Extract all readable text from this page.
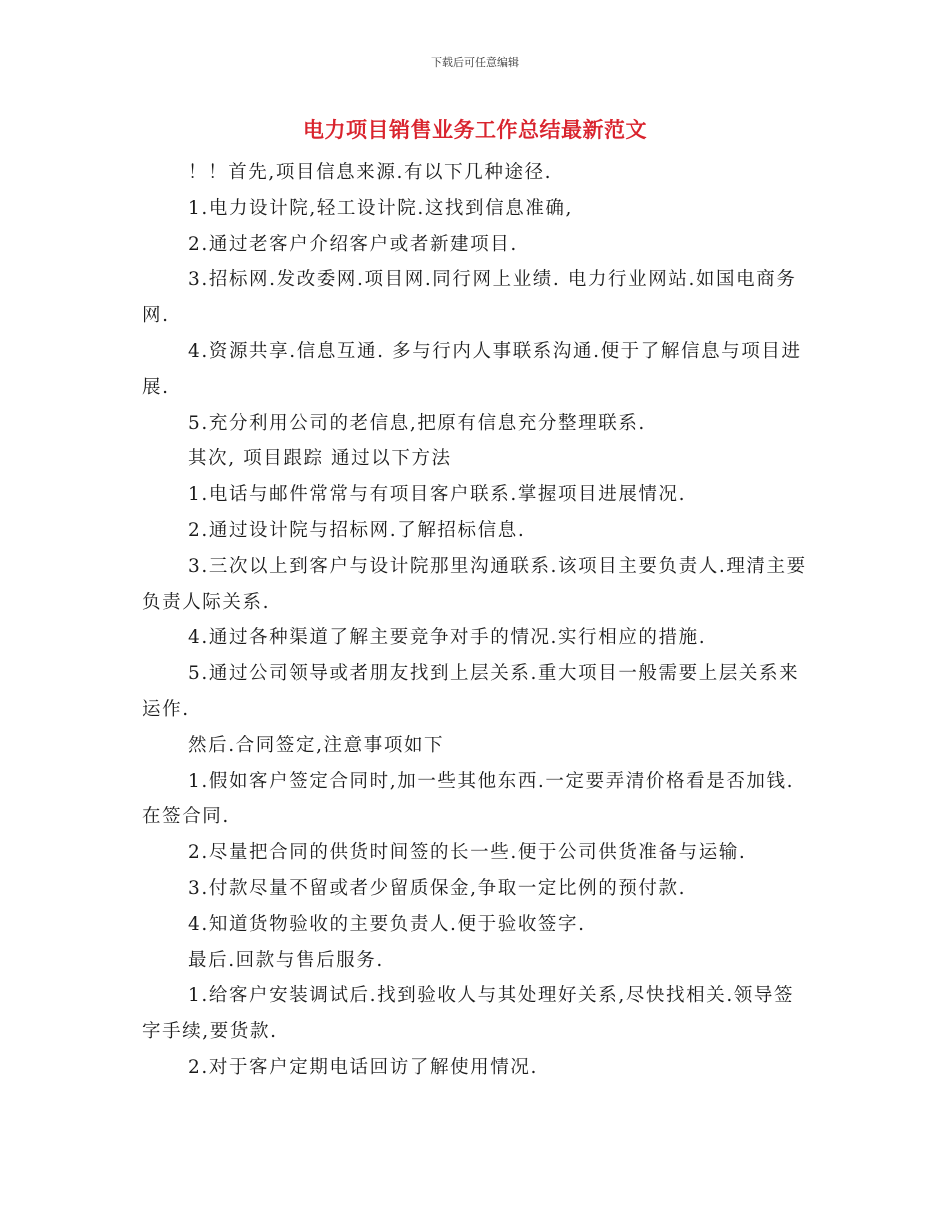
下载后可任意编辑
电力项目销售业务工作总结最新范文

！！首先,项目信息来源.有以下几种途径.

1.电力设计院,轻工设计院.这找到信息准确,

2.通过老客户介绍客户或者新建项目.

3.招标网.发改委网.项目网.同行网上业绩. 电力行业网站.如国电商务网.

4.资源共享.信息互通. 多与行内人事联系沟通.便于了解信息与项目进展.

5.充分利用公司的老信息,把原有信息充分整理联系.

其次, 项目跟踪 通过以下方法

1.电话与邮件常常与有项目客户联系.掌握项目进展情况.

2.通过设计院与招标网.了解招标信息.

3.三次以上到客户与设计院那里沟通联系.该项目主要负责人.理清主要负责人际关系.

4.通过各种渠道了解主要竞争对手的情况.实行相应的措施.

5.通过公司领导或者朋友找到上层关系.重大项目一般需要上层关系来运作.

然后.合同签定,注意事项如下

1.假如客户签定合同时,加一些其他东西.一定要弄清价格看是否加钱.在签合同.

2.尽量把合同的供货时间签的长一些.便于公司供货准备与运输.

3.付款尽量不留或者少留质保金,争取一定比例的预付款.

4.知道货物验收的主要负责人.便于验收签字.

最后.回款与售后服务.

1.给客户安装调试后.找到验收人与其处理好关系,尽快找相关.领导签字手续,要货款.

2.对于客户定期电话回访了解使用情况.
